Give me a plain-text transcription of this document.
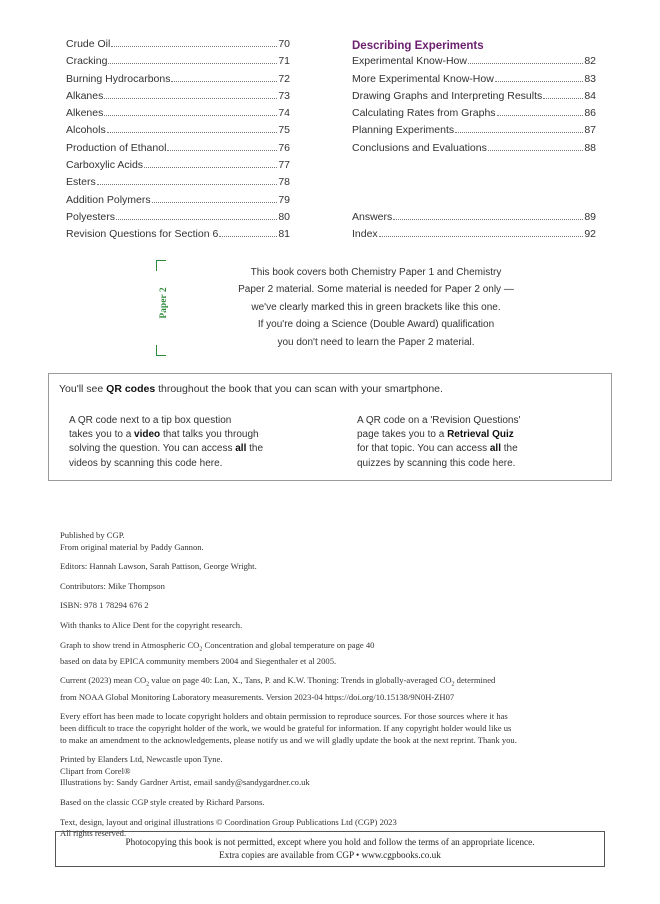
Crude Oil	70
Cracking	71
Burning Hydrocarbons	72
Alkanes	73
Alkenes	74
Alcohols	75
Production of Ethanol	76
Carboxylic Acids	77
Esters	78
Addition Polymers	79
Polyesters	80
Revision Questions for Section 6	81
Describing Experiments
Experimental Know-How	82
More Experimental Know-How	83
Drawing Graphs and Interpreting Results	84
Calculating Rates from Graphs	86
Planning Experiments	87
Conclusions and Evaluations	88
Answers	89
Index	92
Paper 2
This book covers both Chemistry Paper 1 and Chemistry
Paper 2 material. Some material is needed for Paper 2 only —
we've clearly marked this in green brackets like this one.
If you're doing a Science (Double Award) qualification
you don't need to learn the Paper 2 material.
You'll see QR codes throughout the book that you can scan with your smartphone.
A QR code next to a tip box question
takes you to a video that talks you through
solving the question. You can access all the
videos by scanning this code here.
A QR code on a 'Revision Questions'
page takes you to a Retrieval Quiz
for that topic. You can access all the
quizzes by scanning this code here.

Published by CGP.

From original material by Paddy Gannon.

Editors: Hannah Lawson, Sarah Pattison, George Wright.

Contributors: Mike Thompson

ISBN: 978 1 78294 676 2

With thanks to Alice Dent for the copyright research.

Graph to show trend in Atmospheric $CO_2$ Concentration and global temperature on page 40

based on data by EPICA community members 2004 and Siegenthaler et al 2005.

Current (2023) mean $CO_2$ value on page 40: Lan, X., Tans, P. and K.W. Thoning: Trends in globally-averaged $CO_2$ determined

from NOAA Global Monitoring Laboratory measurements. Version 2023-04 https://doi.org/10.15138/9N0H-ZH07

Every effort has been made to locate copyright holders and obtain permission to reproduce sources. For those sources where it has

been difficult to trace the copyright holder of the work, we would be grateful for information. If any copyright holder would like us

to make an amendment to the acknowledgements, please notify us and we will gladly update the book at the next reprint. Thank you.

Printed by Elanders Ltd, Newcastle upon Tyne.

Clipart from Corel®

Illustrations by: Sandy Gardner Artist, email sandy@sandygardner.co.uk

Based on the classic CGP style created by Richard Parsons.

Text, design, layout and original illustrations © Coordination Group Publications Ltd (CGP) 2023

All rights reserved.

Photocopying this book is not permitted, except where you hold and follow the terms of an appropriate licence.
Extra copies are available from CGP • www.cgpbooks.co.uk
